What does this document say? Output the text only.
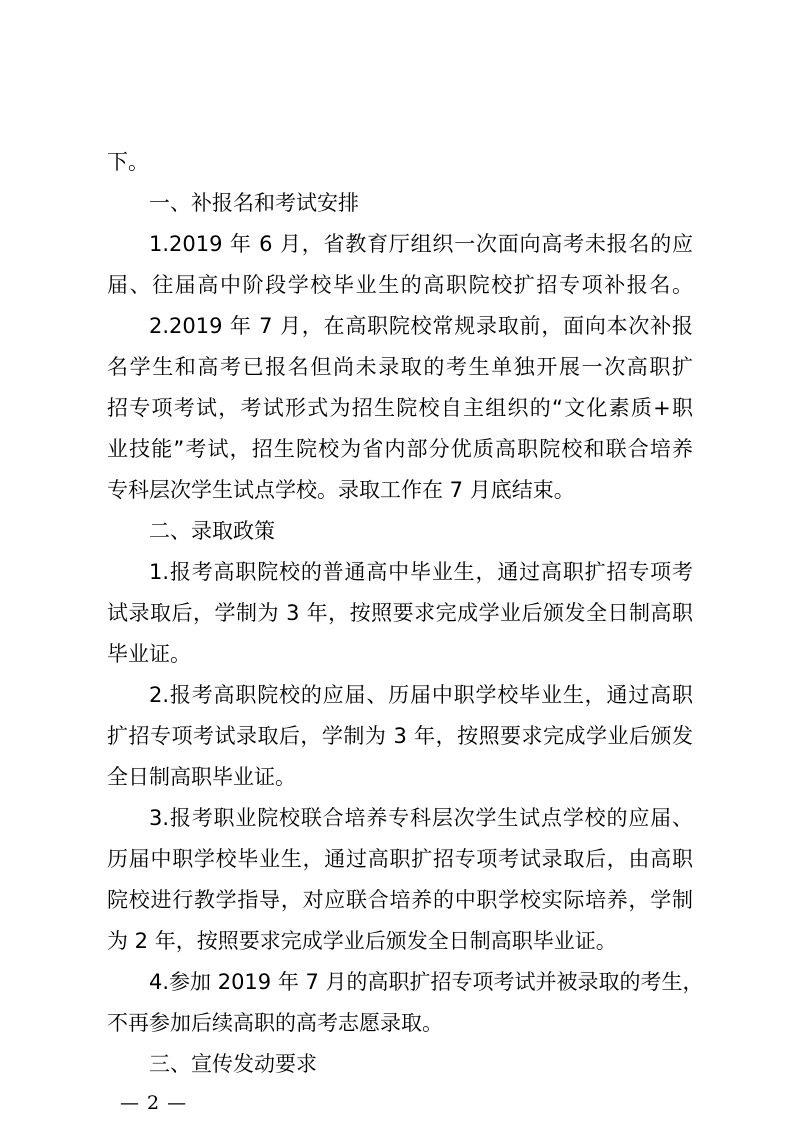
下。
一、补报名和考试安排
1.2019 年 6 月，省教育厅组织一次面向高考未报名的应
届、往届高中阶段学校毕业生的高职院校扩招专项补报名。
2.2019 年 7 月，在高职院校常规录取前，面向本次补报
名学生和高考已报名但尚未录取的考生单独开展一次高职扩
招专项考试，考试形式为招生院校自主组织的“文化素质+职
业技能”考试，招生院校为省内部分优质高职院校和联合培养
专科层次学生试点学校。录取工作在 7 月底结束。
二、录取政策
1.报考高职院校的普通高中毕业生，通过高职扩招专项考
试录取后，学制为 3 年，按照要求完成学业后颁发全日制高职
毕业证。
2.报考高职院校的应届、历届中职学校毕业生，通过高职
扩招专项考试录取后，学制为 3 年，按照要求完成学业后颁发
全日制高职毕业证。
3.报考职业院校联合培养专科层次学生试点学校的应届、
历届中职学校毕业生，通过高职扩招专项考试录取后，由高职
院校进行教学指导，对应联合培养的中职学校实际培养，学制
为 2 年，按照要求完成学业后颁发全日制高职毕业证。
4.参加 2019 年 7 月的高职扩招专项考试并被录取的考生，
不再参加后续高职的高考志愿录取。
三、宣传发动要求
— 2 —
